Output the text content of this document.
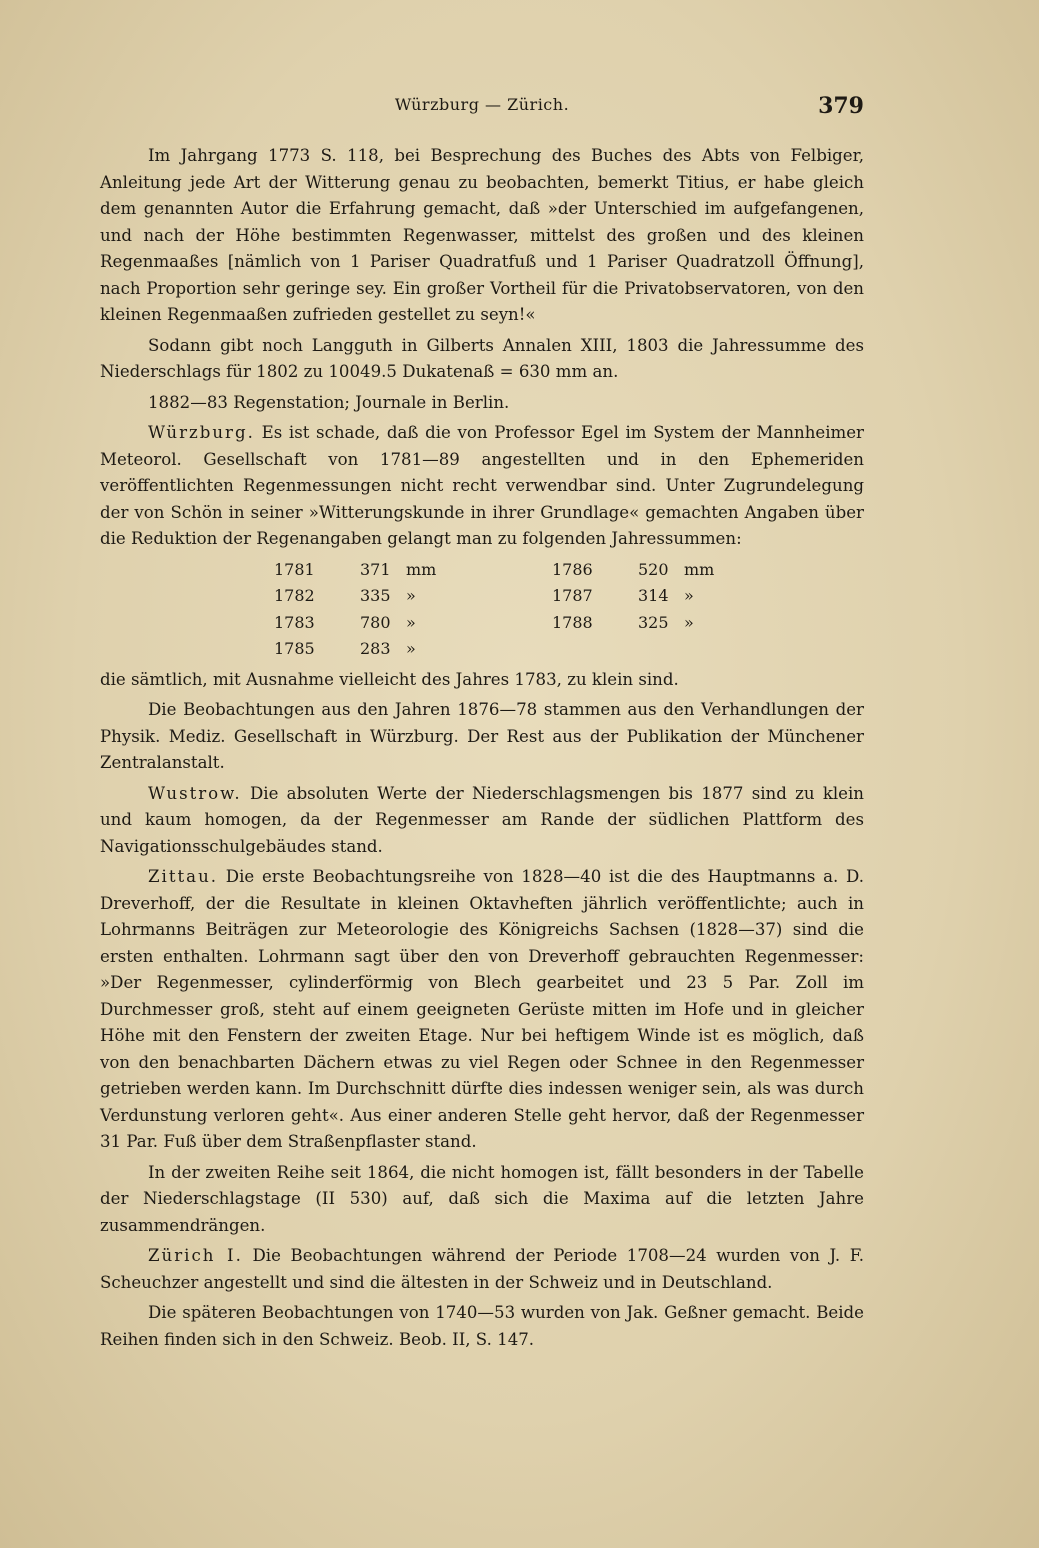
Würzburg — Zürich.	379

Im Jahrgang 1773 S. 118, bei Besprechung des Buches des Abts von Felbiger, Anleitung jede Art der Witterung genau zu beobachten, bemerkt Titius, er habe gleich dem genannten Autor die Erfahrung gemacht, daß »der Unterschied im aufgefangenen, und nach der Höhe bestimmten Regenwasser, mittelst des großen und des kleinen Regenmaaßes [nämlich von 1 Pariser Quadratfuß und 1 Pariser Quadratzoll Öffnung], nach Proportion sehr geringe sey. Ein großer Vortheil für die Privatobservatoren, von den kleinen Regenmaaßen zufrieden gestellet zu seyn!«

Sodann gibt noch Langguth in Gilberts Annalen XIII, 1803 die Jahressumme des Niederschlags für 1802 zu 10049.5 Dukatenaß = 630 mm an.

1882—83 Regenstation; Journale in Berlin.

Würzburg. Es ist schade, daß die von Professor Egel im System der Mannheimer Meteorol. Gesellschaft von 1781—89 angestellten und in den Ephemeriden veröffentlichten Regenmessungen nicht recht verwendbar sind. Unter Zugrundelegung der von Schön in seiner »Witterungskunde in ihrer Grundlage« gemachten Angaben über die Reduktion der Regenangaben gelangt man zu folgenden Jahressummen:

1781	371	mm		1786	520	mm
1782	335	»		1787	314	»
1783	780	»		1788	325	»
1785	283	»				

die sämtlich, mit Ausnahme vielleicht des Jahres 1783, zu klein sind.

Die Beobachtungen aus den Jahren 1876—78 stammen aus den Verhandlungen der Physik. Mediz. Gesellschaft in Würzburg. Der Rest aus der Publikation der Münchener Zentralanstalt.

Wustrow. Die absoluten Werte der Niederschlagsmengen bis 1877 sind zu klein und kaum homogen, da der Regenmesser am Rande der südlichen Plattform des Navigationsschulgebäudes stand.

Zittau. Die erste Beobachtungsreihe von 1828—40 ist die des Hauptmanns a. D. Dreverhoff, der die Resultate in kleinen Oktavheften jährlich veröffentlichte; auch in Lohrmanns Beiträgen zur Meteorologie des Königreichs Sachsen (1828—37) sind die ersten enthalten. Lohrmann sagt über den von Dreverhoff gebrauchten Regenmesser: »Der Regenmesser, cylinderförmig von Blech gearbeitet und 23 5 Par. Zoll im Durchmesser groß, steht auf einem geeigneten Gerüste mitten im Hofe und in gleicher Höhe mit den Fenstern der zweiten Etage. Nur bei heftigem Winde ist es möglich, daß von den benachbarten Dächern etwas zu viel Regen oder Schnee in den Regenmesser getrieben werden kann. Im Durchschnitt dürfte dies indessen weniger sein, als was durch Verdunstung verloren geht«. Aus einer anderen Stelle geht hervor, daß der Regenmesser 31 Par. Fuß über dem Straßenpflaster stand.

In der zweiten Reihe seit 1864, die nicht homogen ist, fällt besonders in der Tabelle der Niederschlagstage (II 530) auf, daß sich die Maxima auf die letzten Jahre zusammendrängen.

Zürich I. Die Beobachtungen während der Periode 1708—24 wurden von J. F. Scheuchzer angestellt und sind die ältesten in der Schweiz und in Deutschland.

Die späteren Beobachtungen von 1740—53 wurden von Jak. Geßner gemacht. Beide Reihen finden sich in den Schweiz. Beob. II, S. 147.
